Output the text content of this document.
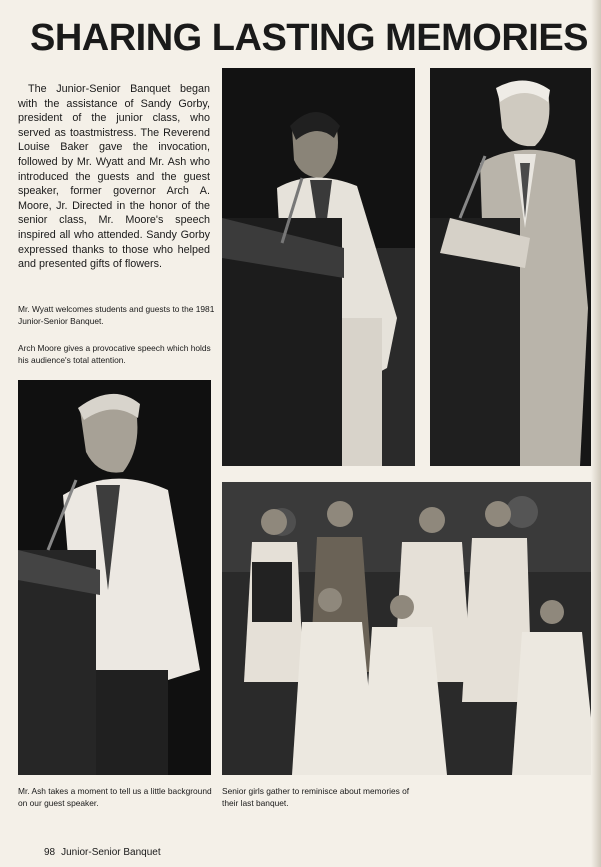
SHARING LASTING MEMORIES

The Junior-Senior Banquet began with the assistance of Sandy Gorby, president of the junior class, who served as toastmistress. The Reverend Louise Baker gave the invocation, followed by Mr. Wyatt and Mr. Ash who introduced the guests and the guest speaker, former governor Arch A. Moore, Jr. Directed in the honor of the senior class, Mr. Moore's speech inspired all who attended. Sandy Gorby expressed thanks to those who helped and presented gifts of flowers.

Mr. Wyatt welcomes students and guests to the 1981 Junior-Senior Banquet.

Arch Moore gives a provocative speech which holds his audience's total attention.

Mr. Ash takes a moment to tell us a little background on our guest speaker.

Senior girls gather to reminisce about memories of their last banquet.

98 Junior-Senior Banquet
